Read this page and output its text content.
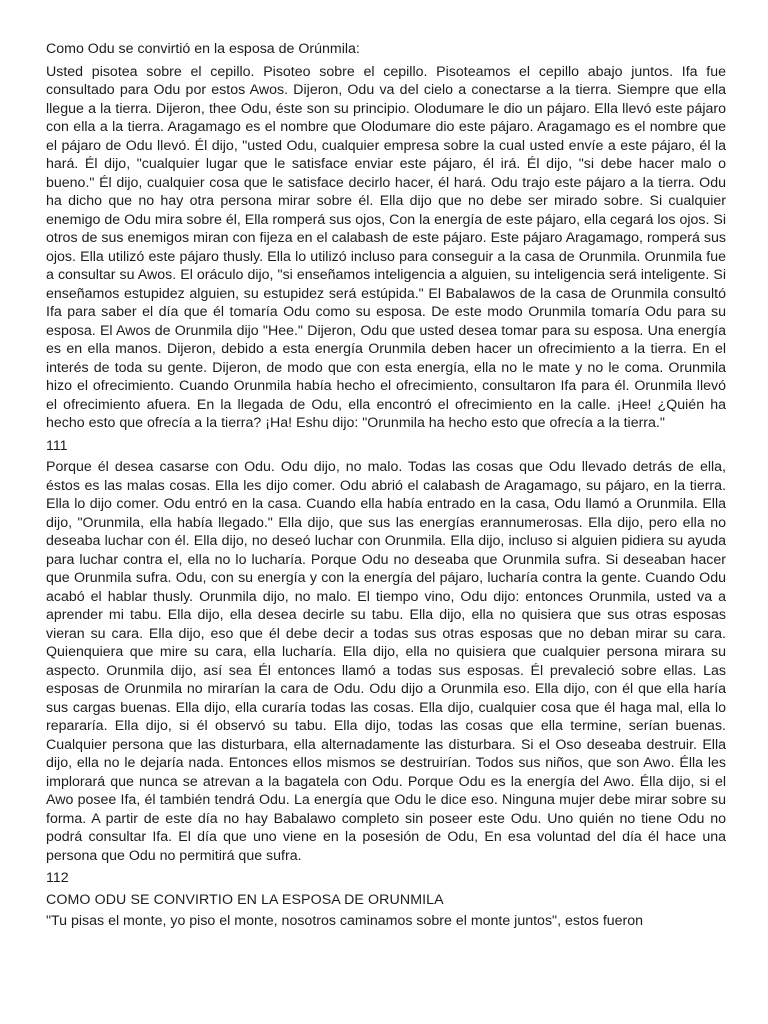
Como Odu se convirtió en la esposa de Orúnmila:

Usted pisotea sobre el cepillo. Pisoteo sobre el cepillo. Pisoteamos el cepillo abajo juntos. Ifa fue consultado para Odu por estos Awos. Dijeron, Odu va del cielo a conectarse a la tierra. Siempre que ella llegue a la tierra. Dijeron, thee Odu, éste son su principio. Olodumare le dio un pájaro. Ella llevó este pájaro con ella a la tierra. Aragamago es el nombre que Olodumare dio este pájaro. Aragamago es el nombre que el pájaro de Odu llevó. Él dijo, "usted Odu, cualquier empresa sobre la cual usted envíe a este pájaro, él la hará. Él dijo, "cualquier lugar que le satisface enviar este pájaro, él irá. Él dijo, "si debe hacer malo o bueno." Él dijo, cualquier cosa que le satisface decirlo hacer, él hará. Odu trajo este pájaro a la tierra. Odu ha dicho que no hay otra persona mirar sobre él. Ella dijo que no debe ser mirado sobre. Si cualquier enemigo de Odu mira sobre él, Ella romperá sus ojos, Con la energía de este pájaro, ella cegará los ojos. Si otros de sus enemigos miran con fijeza en el calabash de este pájaro. Este pájaro Aragamago, romperá sus ojos. Ella utilizó este pájaro thusly. Ella lo utilizó incluso para conseguir a la casa de Orunmila. Orunmila fue a consultar su Awos. El oráculo dijo, "si enseñamos inteligencia a alguien, su inteligencia será inteligente. Si enseñamos estupidez alguien, su estupidez será estúpida." El Babalawos de la casa de Orunmila consultó Ifa para saber el día que él tomaría Odu como su esposa. De este modo Orunmila tomaría Odu para su esposa. El Awos de Orunmila dijo "Hee." Dijeron, Odu que usted desea tomar para su esposa. Una energía es en ella manos. Dijeron, debido a esta energía Orunmila deben hacer un ofrecimiento a la tierra. En el interés de toda su gente. Dijeron, de modo que con esta energía, ella no le mate y no le coma. Orunmila hizo el ofrecimiento. Cuando Orunmila había hecho el ofrecimiento, consultaron Ifa para él. Orunmila llevó el ofrecimiento afuera. En la llegada de Odu, ella encontró el ofrecimiento en la calle. ¡Hee! ¿Quién ha hecho esto que ofrecía a la tierra? ¡Ha! Eshu dijo: "Orunmila ha hecho esto que ofrecía a la tierra."

111

Porque él desea casarse con Odu. Odu dijo, no malo. Todas las cosas que Odu llevado detrás de ella, éstos es las malas cosas. Ella les dijo comer. Odu abrió el calabash de Aragamago, su pájaro, en la tierra. Ella lo dijo comer. Odu entró en la casa. Cuando ella había entrado en la casa, Odu llamó a Orunmila. Ella dijo, "Orunmila, ella había llegado." Ella dijo, que sus las energías erannumerosas. Ella dijo, pero ella no deseaba luchar con él. Ella dijo, no deseó luchar con Orunmila. Ella dijo, incluso si alguien pidiera su ayuda para luchar contra el, ella no lo lucharía. Porque Odu no deseaba que Orunmila sufra. Si deseaban hacer que Orunmila sufra. Odu, con su energía y con la energía del pájaro, lucharía contra la gente. Cuando Odu acabó el hablar thusly. Orunmila dijo, no malo. El tiempo vino, Odu dijo: entonces Orunmila, usted va a aprender mi tabu. Ella dijo, ella desea decirle su tabu. Ella dijo, ella no quisiera que sus otras esposas vieran su cara. Ella dijo, eso que él debe decir a todas sus otras esposas que no deban mirar su cara. Quienquiera que mire su cara, ella lucharía. Ella dijo, ella no quisiera que cualquier persona mirara su aspecto. Orunmila dijo, así sea Él entonces llamó a todas sus esposas. Él prevaleció sobre ellas. Las esposas de Orunmila no mirarían la cara de Odu. Odu dijo a Orunmila eso. Ella dijo, con él que ella haría sus cargas buenas. Ella dijo, ella curaría todas las cosas. Ella dijo, cualquier cosa que él haga mal, ella lo repararía. Ella dijo, si él observó su tabu. Ella dijo, todas las cosas que ella termine, serían buenas. Cualquier persona que las disturbara, ella alternadamente las disturbara. Si el Oso deseaba destruir. Ella dijo, ella no le dejaría nada. Entonces ellos mismos se destruirían. Todos sus niños, que son Awo. Élla les implorará que nunca se atrevan a la bagatela con Odu. Porque Odu es la energía del Awo. Élla dijo, si el Awo posee Ifa, él también tendrá Odu. La energía que Odu le dice eso. Ninguna mujer debe mirar sobre su forma. A partir de este día no hay Babalawo completo sin poseer este Odu. Uno quién no tiene Odu no podrá consultar Ifa. El día que uno viene en la posesión de Odu, En esa voluntad del día él hace una persona que Odu no permitirá que sufra.

112
COMO ODU SE CONVIRTIO EN LA ESPOSA DE ORUNMILA

"Tu pisas el monte, yo piso el monte, nosotros caminamos sobre el monte juntos", estos fueron
